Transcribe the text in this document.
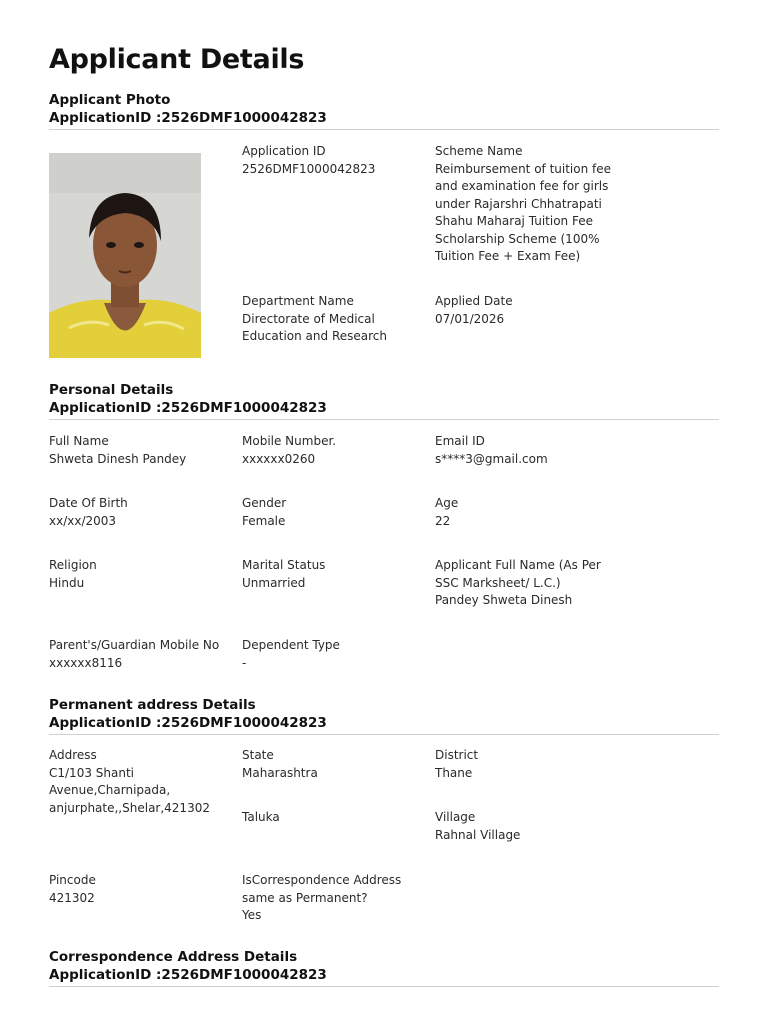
Applicant Details
Applicant Photo
ApplicationID :2526DMF1000042823
Application ID
2526DMF1000042823
Scheme Name
Reimbursement of tuition fee
and examination fee for girls
under Rajarshri Chhatrapati
Shahu Maharaj Tuition Fee
Scholarship Scheme (100%
Tuition Fee + Exam Fee)
Department Name
Directorate of Medical
Education and Research
Applied Date
07/01/2026
Personal Details
ApplicationID :2526DMF1000042823
Full Name
Shweta Dinesh Pandey
Mobile Number.
xxxxxx0260
Email ID
s****3@gmail.com
Date Of Birth
xx/xx/2003
Gender
Female
Age
22
Religion
Hindu
Marital Status
Unmarried
Applicant Full Name (As Per
SSC Marksheet/ L.C.)
Pandey Shweta Dinesh
Parent's/Guardian Mobile No
xxxxxx8116
Dependent Type
-
Permanent address Details
ApplicationID :2526DMF1000042823
Address
C1/103 Shanti
Avenue,Charnipada,
anjurphate,,Shelar,421302
State
Maharashtra
District
Thane
Taluka	Village
Rahnal Village
Pincode
421302
IsCorrespondence Address
same as Permanent?
Yes
Correspondence Address Details
ApplicationID :2526DMF1000042823
